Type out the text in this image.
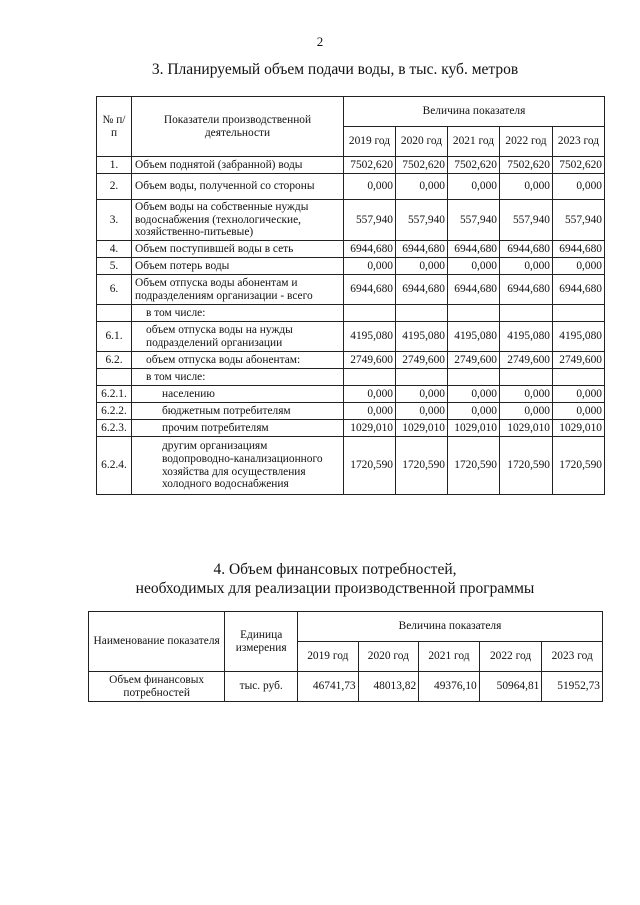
2
3. Планируемый объем подачи воды, в тыс. куб. метров
№ п/п	Показатели производственной деятельности	Величина показателя				
		2019 год	2020 год	2021 год	2022 год	2023 год
1.	Объем поднятой (забранной) воды	7502,620	7502,620	7502,620	7502,620	7502,620
2.	Объем воды, полученной со стороны	0,000	0,000	0,000	0,000	0,000
3.	Объем воды на собственные нужды водоснабжения (технологические, хозяйственно-питьевые)	557,940	557,940	557,940	557,940	557,940
4.	Объем поступившей воды в сеть	6944,680	6944,680	6944,680	6944,680	6944,680
5.	Объем потерь воды	0,000	0,000	0,000	0,000	0,000
6.	Объем отпуска воды абонентам и подразделениям организации - всего	6944,680	6944,680	6944,680	6944,680	6944,680
	в том числе:					
6.1.	объем отпуска воды на нужды подразделений организации	4195,080	4195,080	4195,080	4195,080	4195,080
6.2.	объем отпуска воды абонентам:	2749,600	2749,600	2749,600	2749,600	2749,600
	в том числе:					
6.2.1.	населению	0,000	0,000	0,000	0,000	0,000
6.2.2.	бюджетным потребителям	0,000	0,000	0,000	0,000	0,000
6.2.3.	прочим потребителям	1029,010	1029,010	1029,010	1029,010	1029,010
6.2.4.	другим организациям водопроводно-канализационного хозяйства для осуществления холодного водоснабжения	1720,590	1720,590	1720,590	1720,590	1720,590
4. Объем финансовых потребностей,
необходимых для реализации производственной программы
Наименование показателя	Единица измерения	Величина показателя				
		2019 год	2020 год	2021 год	2022 год	2023 год
Объем финансовых потребностей	тыс. руб.	46741,73	48013,82	49376,10	50964,81	51952,73
